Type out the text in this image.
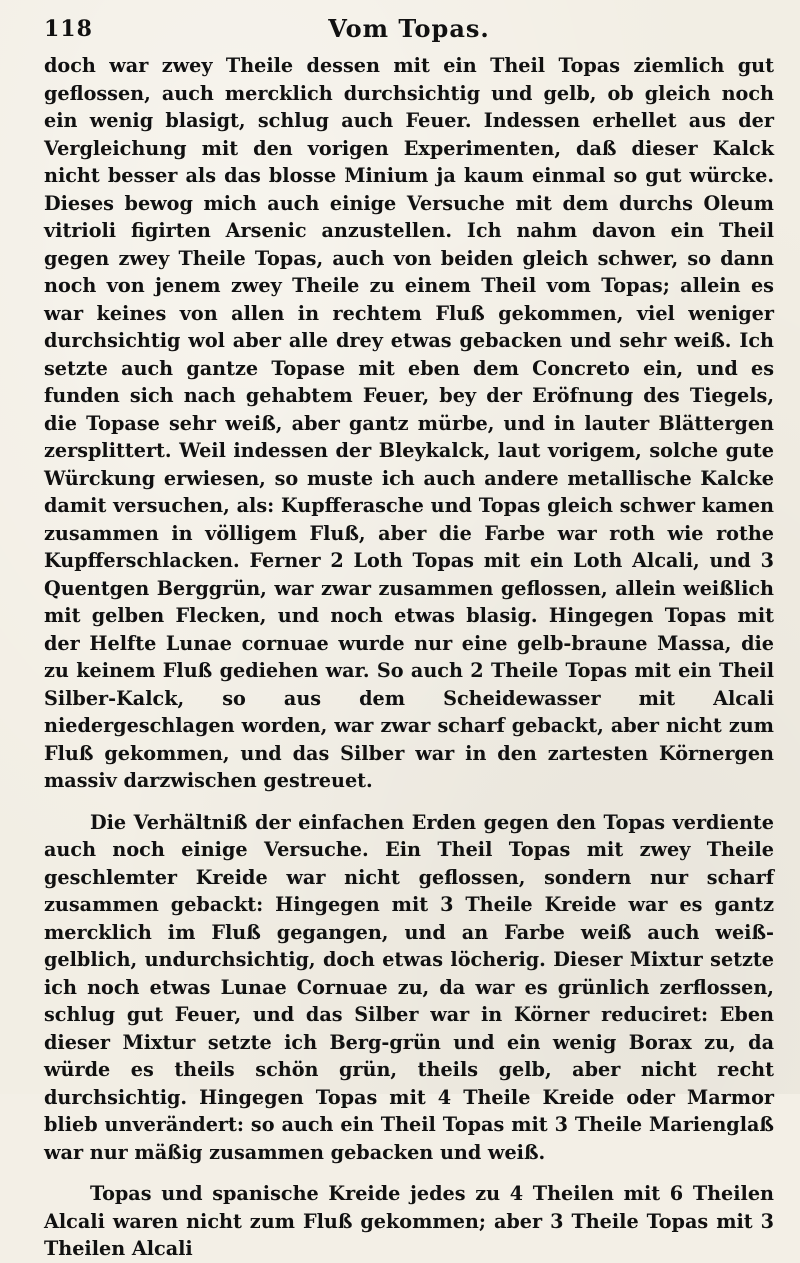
118	Vom Topas.

doch war zwey Theile dessen mit ein Theil Topas ziemlich gut geflossen, auch mercklich durchsichtig und gelb, ob gleich noch ein wenig blasigt, schlug auch Feuer. Indessen erhellet aus der Vergleichung mit den vorigen Experimenten, daß dieser Kalck nicht besser als das blosse Minium ja kaum einmal so gut würcke. Dieses bewog mich auch einige Versuche mit dem durchs Oleum vitrioli figirten Arsenic anzustellen. Ich nahm davon ein Theil gegen zwey Theile Topas, auch von beiden gleich schwer, so dann noch von jenem zwey Theile zu einem Theil vom Topas; allein es war keines von allen in rechtem Fluß gekommen, viel weniger durchsichtig wol aber alle drey etwas gebacken und sehr weiß. Ich setzte auch gantze Topase mit eben dem Concreto ein, und es funden sich nach gehabtem Feuer, bey der Eröfnung des Tiegels, die Topase sehr weiß, aber gantz mürbe, und in lauter Blättergen zersplittert. Weil indessen der Bleykalck, laut vorigem, solche gute Würckung erwiesen, so muste ich auch andere metallische Kalcke damit versuchen, als: Kupfferasche und Topas gleich schwer kamen zusammen in völligem Fluß, aber die Farbe war roth wie rothe Kupfferschlacken. Ferner 2 Loth Topas mit ein Loth Alcali, und 3 Quentgen Berggrün, war zwar zusammen geflossen, allein weißlich mit gelben Flecken, und noch etwas blasig. Hingegen Topas mit der Helfte Lunae cornuae wurde nur eine gelb-braune Massa, die zu keinem Fluß gediehen war. So auch 2 Theile Topas mit ein Theil Silber-Kalck, so aus dem Scheidewasser mit Alcali niedergeschlagen worden, war zwar scharf gebackt, aber nicht zum Fluß gekommen, und das Silber war in den zartesten Körnergen massiv darzwischen gestreuet.

Die Verhältniß der einfachen Erden gegen den Topas verdiente auch noch einige Versuche. Ein Theil Topas mit zwey Theile geschlemter Kreide war nicht geflossen, sondern nur scharf zusammen gebackt: Hingegen mit 3 Theile Kreide war es gantz mercklich im Fluß gegangen, und an Farbe weiß auch weiß-gelblich, undurchsichtig, doch etwas löcherig. Dieser Mixtur setzte ich noch etwas Lunae Cornuae zu, da war es grünlich zerflossen, schlug gut Feuer, und das Silber war in Körner reduciret: Eben dieser Mixtur setzte ich Berg-grün und ein wenig Borax zu, da würde es theils schön grün, theils gelb, aber nicht recht durchsichtig. Hingegen Topas mit 4 Theile Kreide oder Marmor blieb unverändert: so auch ein Theil Topas mit 3 Theile Marienglaß war nur mäßig zusammen gebacken und weiß.

Topas und spanische Kreide jedes zu 4 Theilen mit 6 Theilen Alcali waren nicht zum Fluß gekommen; aber 3 Theile Topas mit 3 Theilen Alcali
